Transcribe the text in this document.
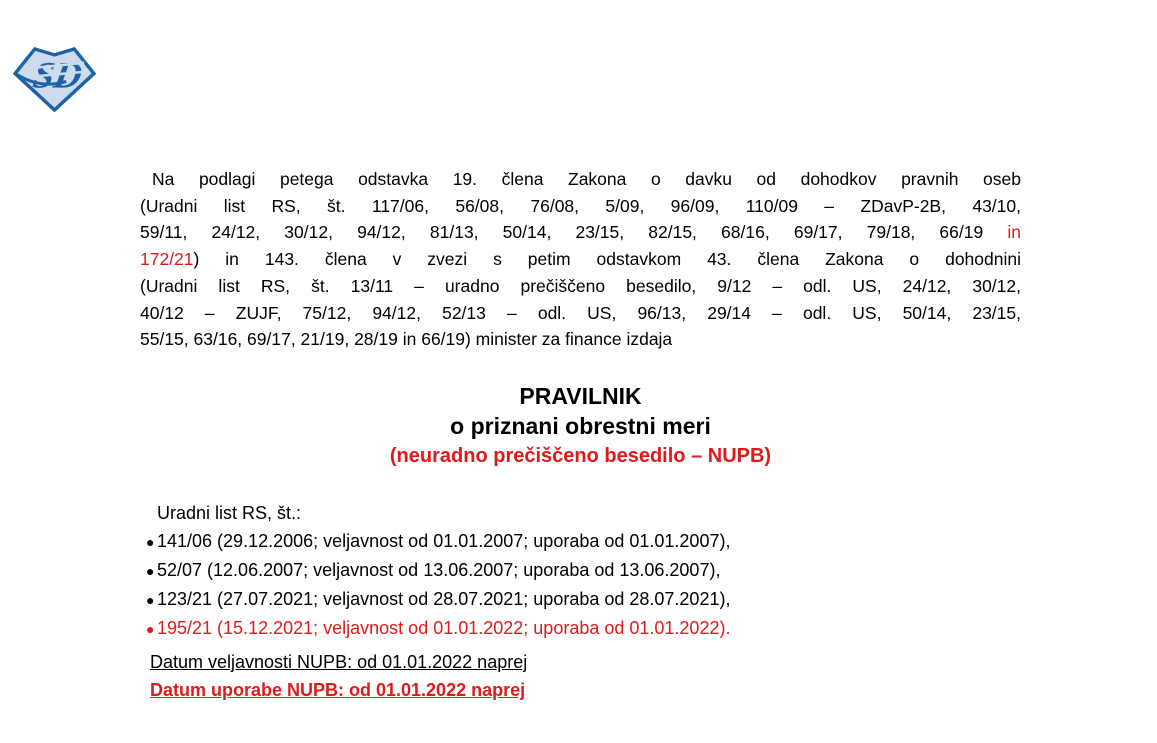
SD
Na podlagi petega odstavka 19. člena Zakona o davku od dohodkov pravnih oseb
(Uradni list RS, št. 117/06, 56/08, 76/08, 5/09, 96/09, 110/09 – ZDavP-2B, 43/10,
59/11, 24/12, 30/12, 94/12, 81/13, 50/14, 23/15, 82/15, 68/16, 69/17, 79/18, 66/19 in
172/21) in 143. člena v zvezi s petim odstavkom 43. člena Zakona o dohodnini
(Uradni list RS, št. 13/11 – uradno prečiščeno besedilo, 9/12 – odl. US, 24/12, 30/12,
40/12 – ZUJF, 75/12, 94/12, 52/13 – odl. US, 96/13, 29/14 – odl. US, 50/14, 23/15,
55/15, 63/16, 69/17, 21/19, 28/19 in 66/19) minister za finance izdaja
PRAVILNIK
o priznani obrestni meri
(neuradno prečiščeno besedilo – NUPB)
Uradni list RS, št.:
● 141/06 (29.12.2006; veljavnost od 01.01.2007; uporaba od 01.01.2007),
● 52/07 (12.06.2007; veljavnost od 13.06.2007; uporaba od 13.06.2007),
● 123/21 (27.07.2021; veljavnost od 28.07.2021; uporaba od 28.07.2021),
● 195/21 (15.12.2021; veljavnost od 01.01.2022; uporaba od 01.01.2022).
Datum veljavnosti NUPB: od 01.01.2022 naprej
Datum uporabe NUPB: od 01.01.2022 naprej
